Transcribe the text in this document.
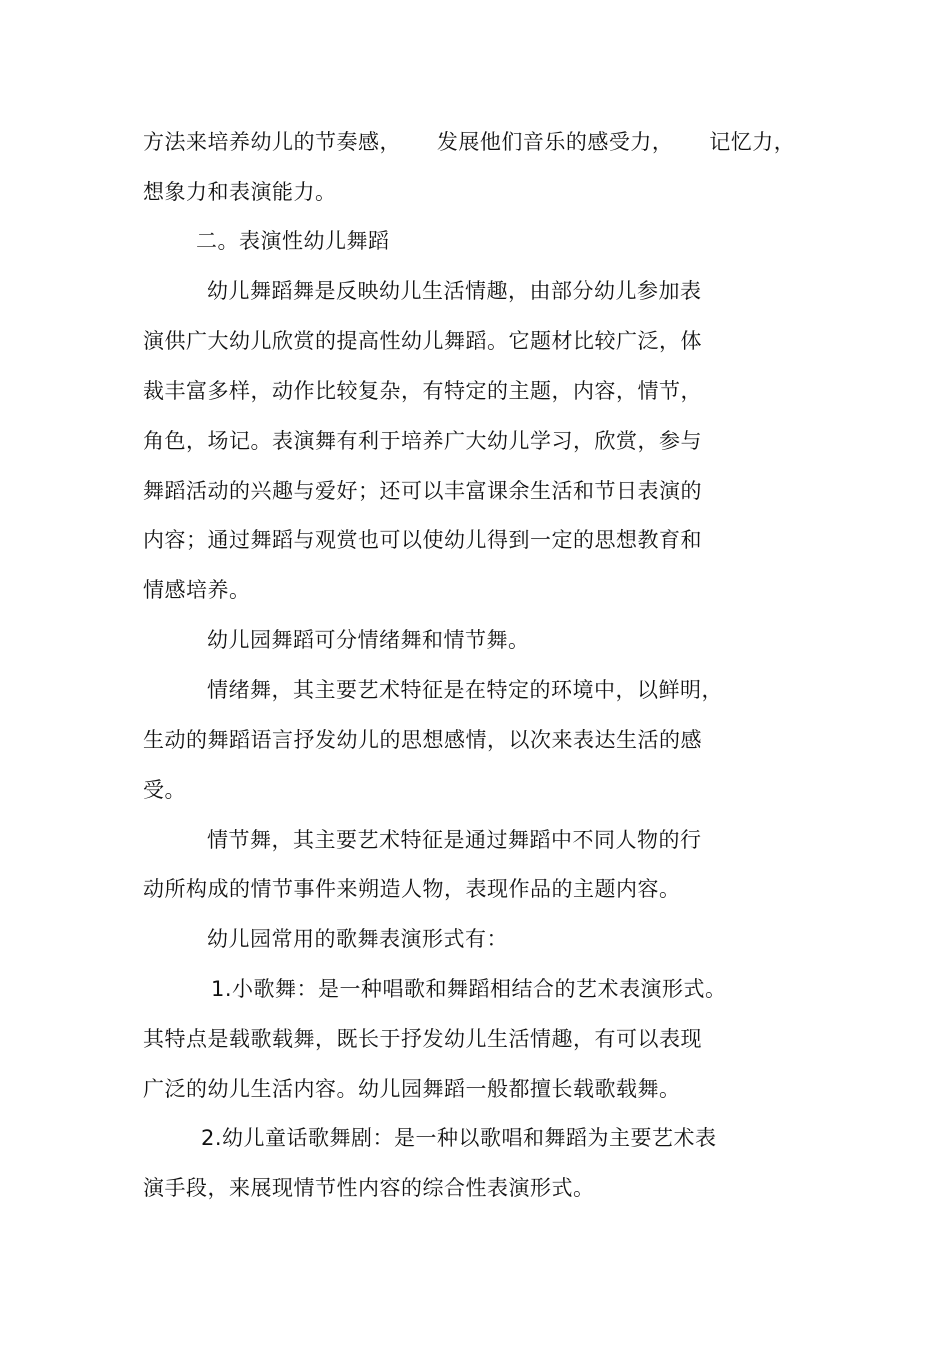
方法来培养幼儿的节奏感，     发展他们音乐的感受力，     记忆力，
想象力和表演能力。
二。表演性幼儿舞蹈
幼儿舞蹈舞是反映幼儿生活情趣，由部分幼儿参加表
演供广大幼儿欣赏的提高性幼儿舞蹈。它题材比较广泛，体
裁丰富多样，动作比较复杂，有特定的主题，内容，情节，
角色，场记。表演舞有利于培养广大幼儿学习，欣赏，参与
舞蹈活动的兴趣与爱好；还可以丰富课余生活和节日表演的
内容；通过舞蹈与观赏也可以使幼儿得到一定的思想教育和
情感培养。
幼儿园舞蹈可分情绪舞和情节舞。
情绪舞，其主要艺术特征是在特定的环境中，以鲜明，
生动的舞蹈语言抒发幼儿的思想感情，以次来表达生活的感
受。
情节舞，其主要艺术特征是通过舞蹈中不同人物的行
动所构成的情节事件来朔造人物，表现作品的主题内容。
幼儿园常用的歌舞表演形式有：
1.小歌舞：是一种唱歌和舞蹈相结合的艺术表演形式。
其特点是载歌载舞，既长于抒发幼儿生活情趣，有可以表现
广泛的幼儿生活内容。幼儿园舞蹈一般都擅长载歌载舞。
2.幼儿童话歌舞剧：是一种以歌唱和舞蹈为主要艺术表
演手段，来展现情节性内容的综合性表演形式。
